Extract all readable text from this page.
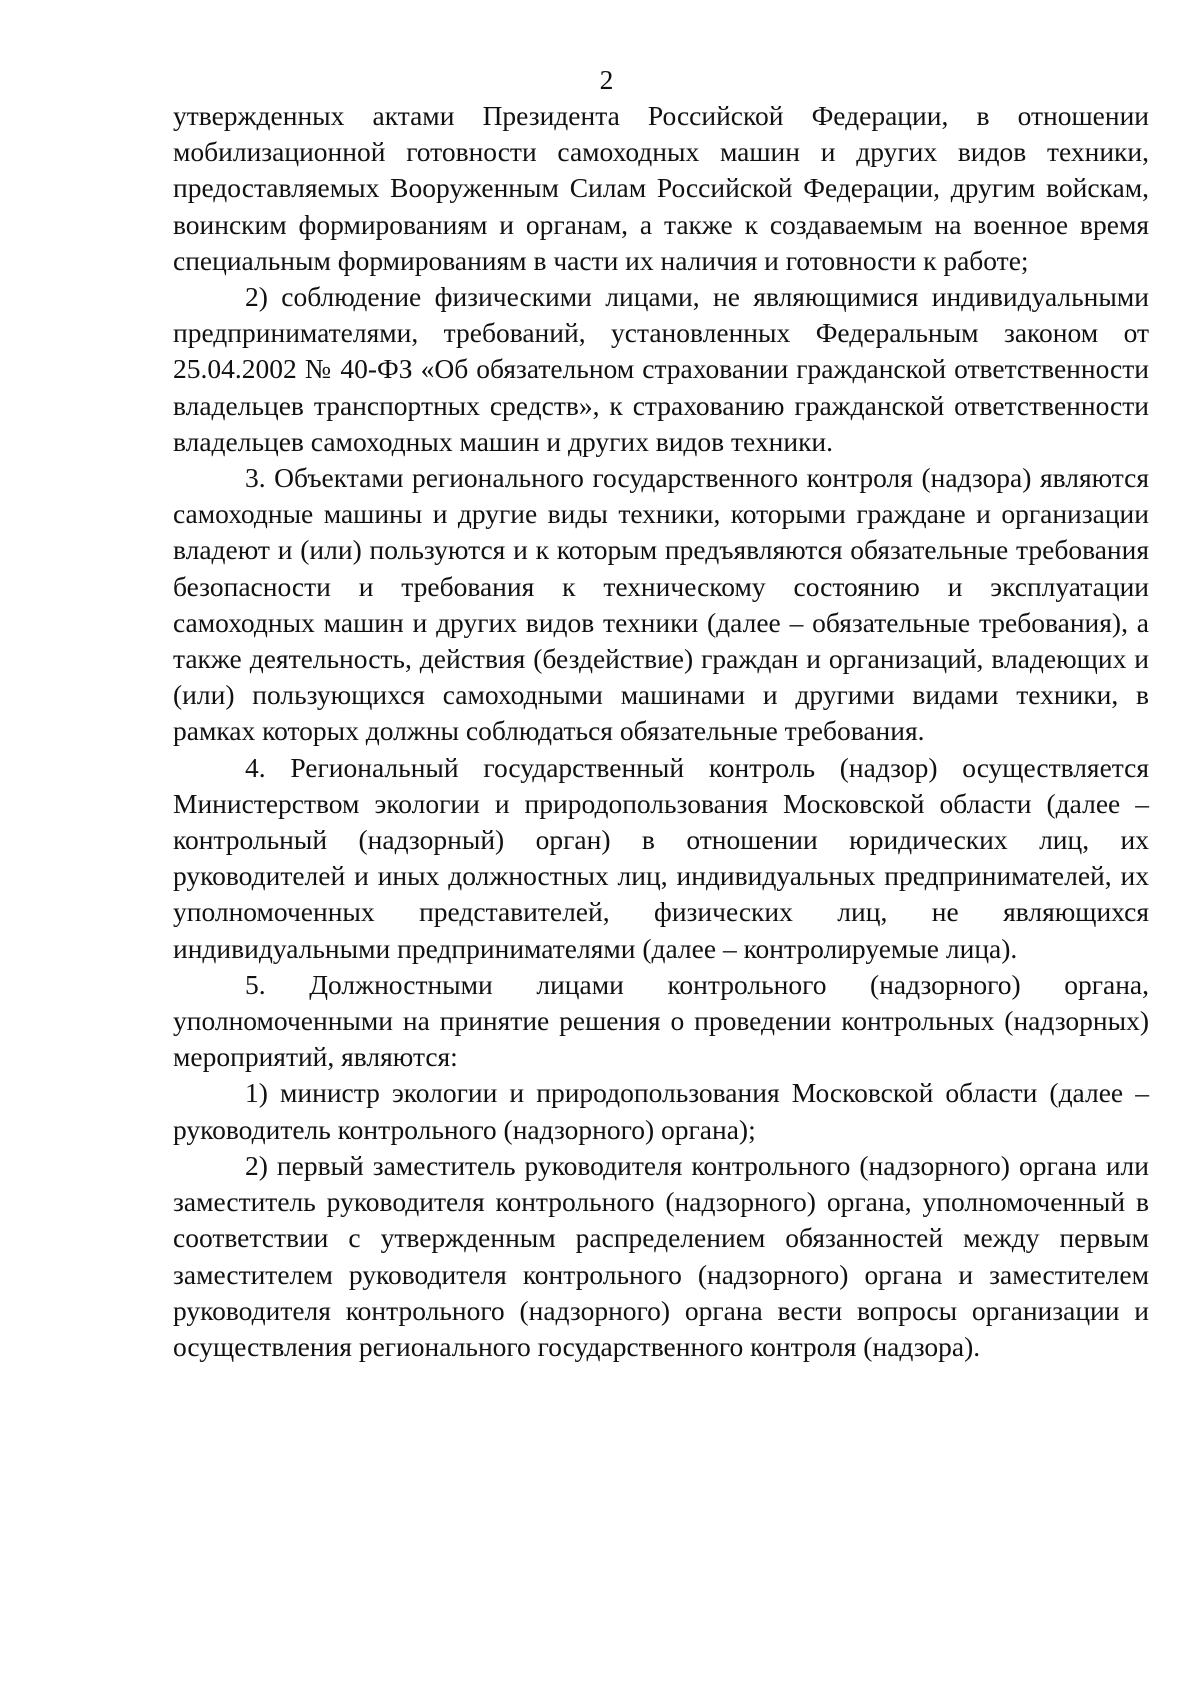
2

утвержденных актами Президента Российской Федерации, в отношении мобилизационной готовности самоходных машин и других видов техники, предоставляемых Вооруженным Силам Российской Федерации, другим войскам, воинским формированиям и органам, а также к создаваемым на военное время специальным формированиям в части их наличия и готовности к работе;

2) соблюдение физическими лицами, не являющимися индивидуальными предпринимателями, требований, установленных Федеральным законом от 25.04.2002 № 40-ФЗ «Об обязательном страховании гражданской ответственности владельцев транспортных средств», к страхованию гражданской ответственности владельцев самоходных машин и других видов техники.

3. Объектами регионального государственного контроля (надзора) являются самоходные машины и другие виды техники, которыми граждане и организации владеют и (или) пользуются и к которым предъявляются обязательные требования безопасности и требования к техническому состоянию и эксплуатации самоходных машин и других видов техники (далее – обязательные требования), а также деятельность, действия (бездействие) граждан и организаций, владеющих и (или) пользующихся самоходными машинами и другими видами техники, в рамках которых должны соблюдаться обязательные требования.

4. Региональный государственный контроль (надзор) осуществляется Министерством экологии и природопользования Московской области (далее – контрольный (надзорный) орган) в отношении юридических лиц, их руководителей и иных должностных лиц, индивидуальных предпринимателей, их уполномоченных представителей, физических лиц, не являющихся индивидуальными предпринимателями (далее – контролируемые лица).

5. Должностными лицами контрольного (надзорного) органа, уполномоченными на принятие решения о проведении контрольных (надзорных) мероприятий, являются:

1) министр экологии и природопользования Московской области (далее – руководитель контрольного (надзорного) органа);

2) первый заместитель руководителя контрольного (надзорного) органа или заместитель руководителя контрольного (надзорного) органа, уполномоченный в соответствии с утвержденным распределением обязанностей между первым заместителем руководителя контрольного (надзорного) органа и заместителем руководителя контрольного (надзорного) органа вести вопросы организации и осуществления регионального государственного контроля (надзора).
